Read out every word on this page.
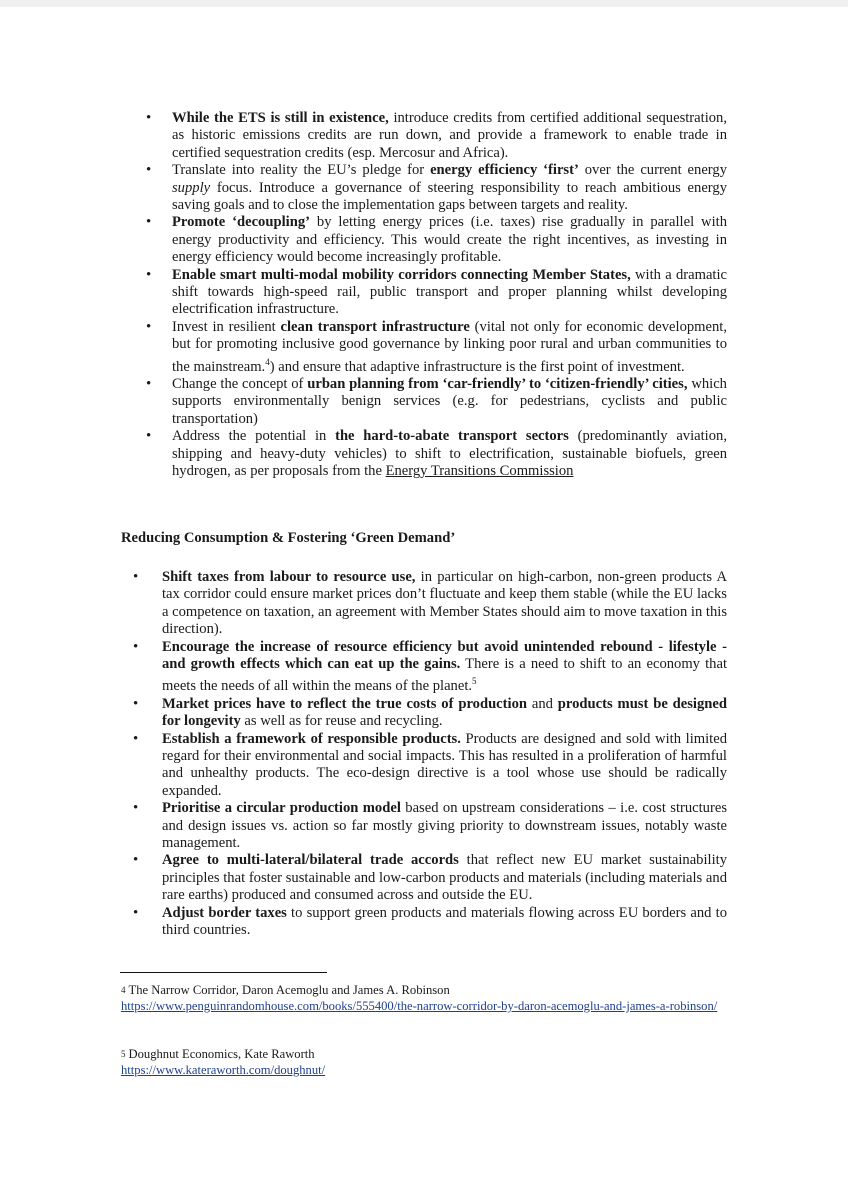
• While the ETS is still in existence, introduce credits from certified additional sequestration, as historic emissions credits are run down, and provide a framework to enable trade in certified sequestration credits (esp. Mercosur and Africa).
• Translate into reality the EU’s pledge for energy efficiency ‘first’ over the current energy supply focus. Introduce a governance of steering responsibility to reach ambitious energy saving goals and to close the implementation gaps between targets and reality.
• Promote ‘decoupling’ by letting energy prices (i.e. taxes) rise gradually in parallel with energy productivity and efficiency. This would create the right incentives, as investing in energy efficiency would become increasingly profitable.
• Enable smart multi-modal mobility corridors connecting Member States, with a dramatic shift towards high-speed rail, public transport and proper planning whilst developing electrification infrastructure.
• Invest in resilient clean transport infrastructure (vital not only for economic development, but for promoting inclusive good governance by linking poor rural and urban communities to the mainstream.$^4$) and ensure that adaptive infrastructure is the first point of investment.
• Change the concept of urban planning from ‘car-friendly’ to ‘citizen-friendly’ cities, which supports environmentally benign services (e.g. for pedestrians, cyclists and public transportation)
• Address the potential in the hard-to-abate transport sectors (predominantly aviation, shipping and heavy-duty vehicles) to shift to electrification, sustainable biofuels, green hydrogen, as per proposals from the Energy Transitions Commission
Reducing Consumption & Fostering ‘Green Demand’
• Shift taxes from labour to resource use, in particular on high-carbon, non-green products A tax corridor could ensure market prices don’t fluctuate and keep them stable (while the EU lacks a competence on taxation, an agreement with Member States should aim to move taxation in this direction).
• Encourage the increase of resource efficiency but avoid unintended rebound - lifestyle - and growth effects which can eat up the gains. There is a need to shift to an economy that meets the needs of all within the means of the planet.$^5$
• Market prices have to reflect the true costs of production and products must be designed for longevity as well as for reuse and recycling.
• Establish a framework of responsible products. Products are designed and sold with limited regard for their environmental and social impacts. This has resulted in a proliferation of harmful and unhealthy products. The eco-design directive is a tool whose use should be radically expanded.
• Prioritise a circular production model based on upstream considerations – i.e. cost structures and design issues vs. action so far mostly giving priority to downstream issues, notably waste management.
• Agree to multi-lateral/bilateral trade accords that reflect new EU market sustainability principles that foster sustainable and low-carbon products and materials (including materials and rare earths) produced and consumed across and outside the EU.
• Adjust border taxes to support green products and materials flowing across EU borders and to third countries.
4 The Narrow Corridor, Daron Acemoglu and James A. Robinson
https://www.penguinrandomhouse.com/books/555400/the-narrow-corridor-by-daron-acemoglu-and-james-a-robinson/
5 Doughnut Economics, Kate Raworth
https://www.kateraworth.com/doughnut/
